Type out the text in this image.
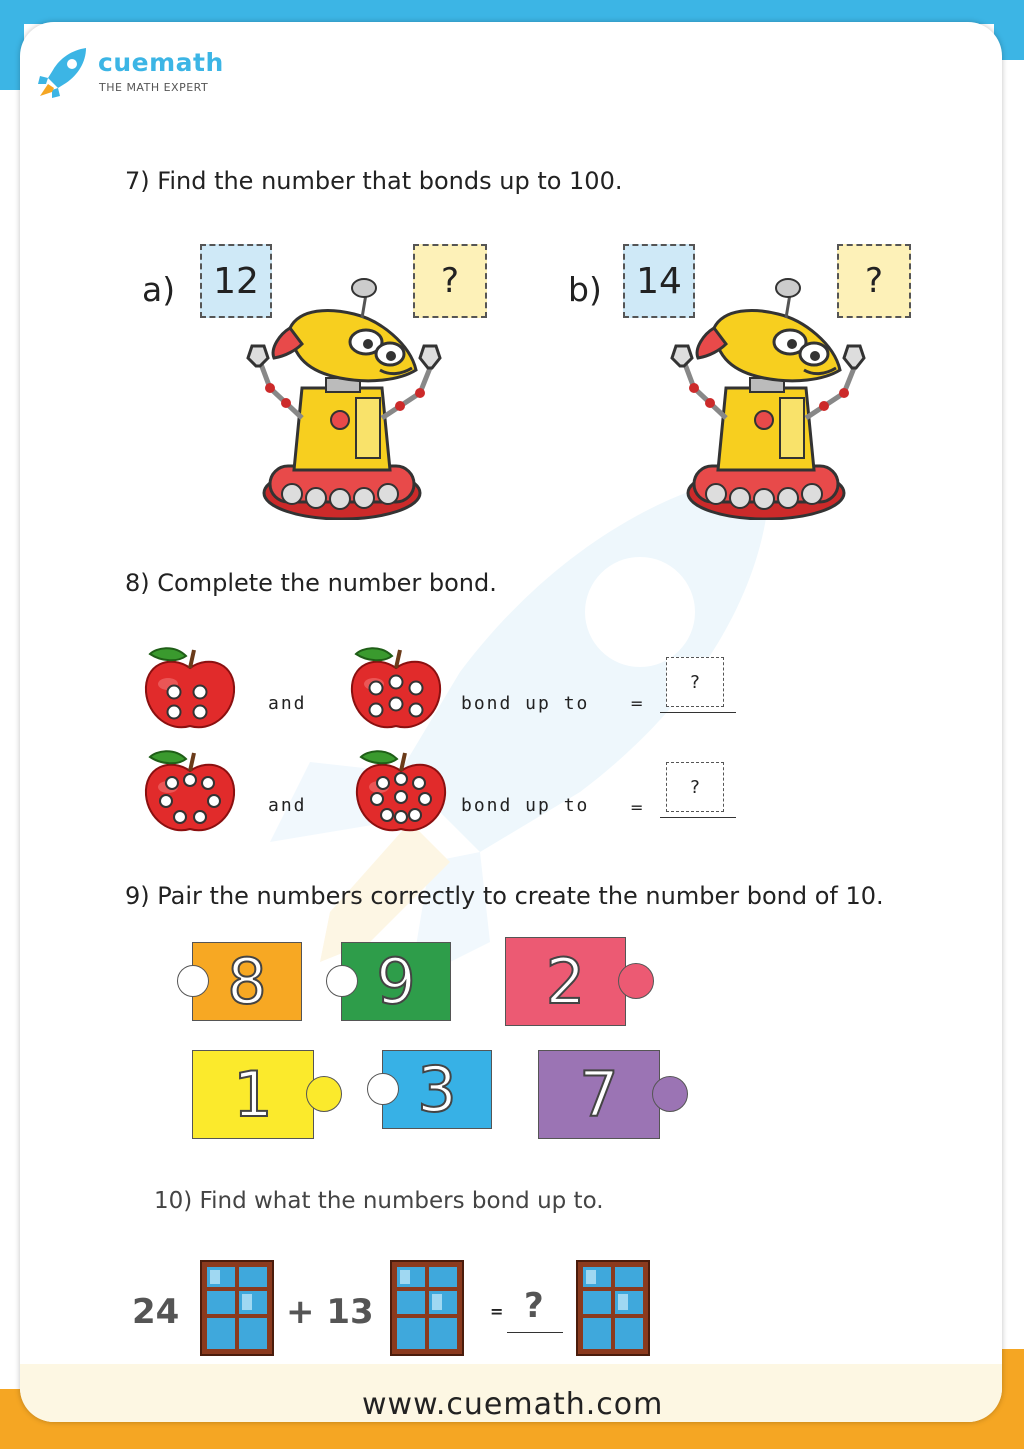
cuemath
THE MATH EXPERT
7) Find the number that bonds up to 100.
a)	12	?	b) 14	?
8) Complete the number bond.
and	bond up to	=
?
and	bond up to	=
?
9) Pair the numbers correctly to create the number bond of 10.
8	9	2
1	3	7
10) Find what the numbers bond up to.
24	+ 13	= ?
www.cuemath.com
